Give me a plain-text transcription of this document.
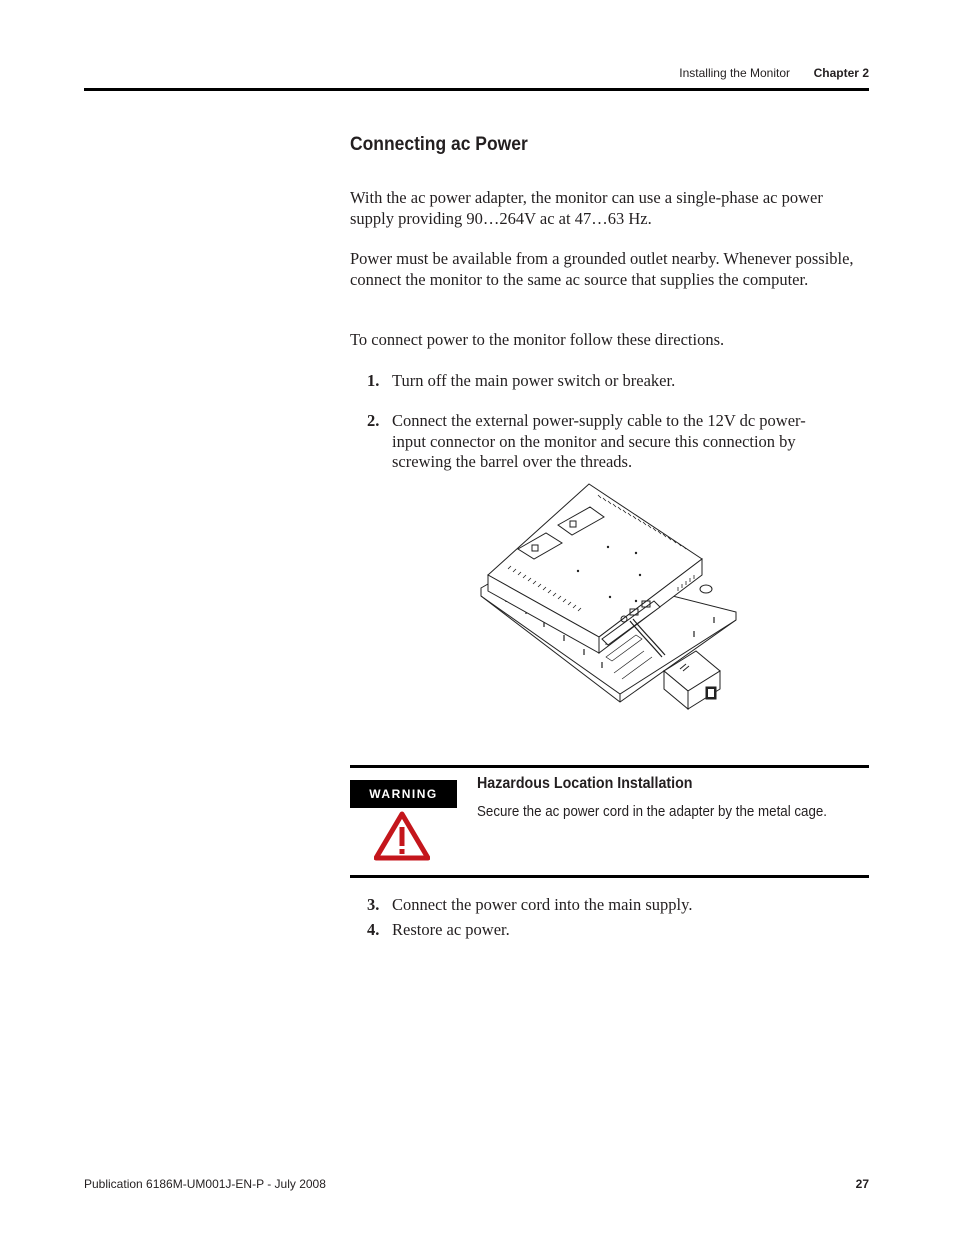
Installing the Monitor Chapter 2
Connecting ac Power

With the ac power adapter, the monitor can use a single-phase ac power supply providing 90…264V ac at 47…63 Hz.

Power must be available from a grounded outlet nearby. Whenever possible, connect the monitor to the same ac source that supplies the computer.

To connect power to the monitor follow these directions.

1. Turn off the main power switch or breaker.
2. Connect the external power-supply cable to the 12V dc power-input connector on the monitor and secure this connection by screwing the barrel over the threads.
WARNING
Hazardous Location Installation

Secure the ac power cord in the adapter by the metal cage.

3. Connect the power cord into the main supply.
4. Restore ac power.
Publication 6186M-UM001J-EN-P - July 2008	27
